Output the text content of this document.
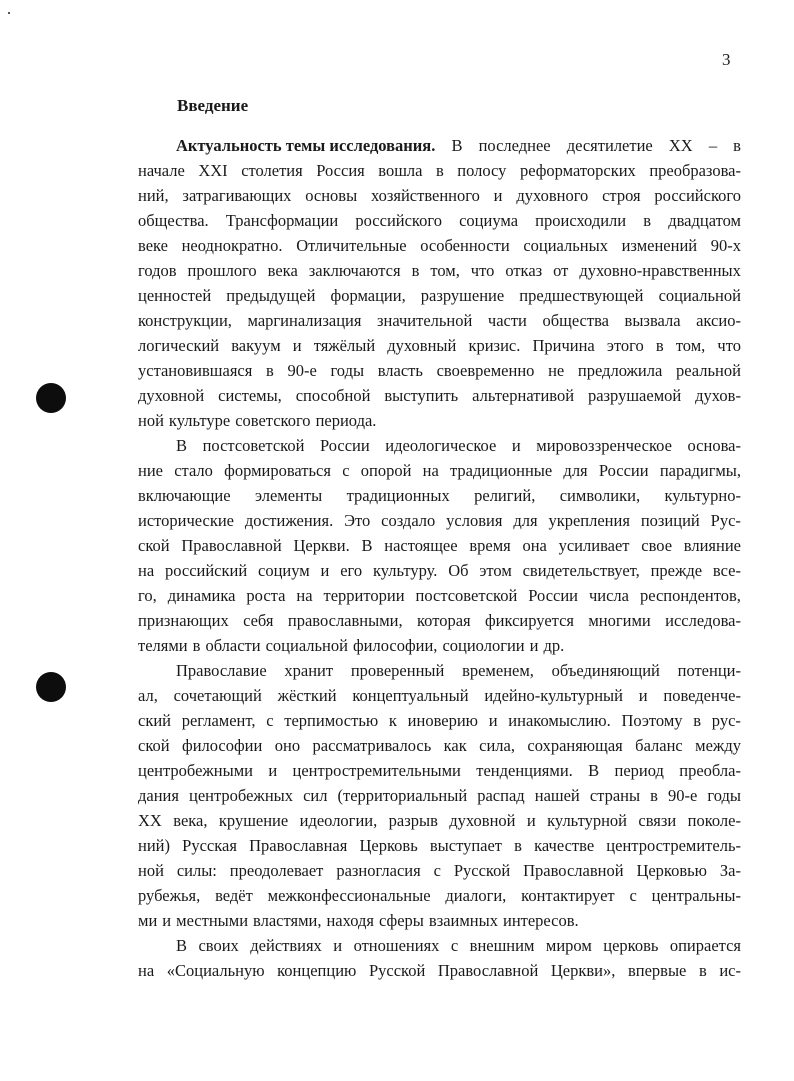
3
Введение
Актуальность темы исследования. В последнее десятилетие XX – в
начале XXI столетия Россия вошла в полосу реформаторских преобразова-
ний, затрагивающих основы хозяйственного и духовного строя российского
общества. Трансформации российского социума происходили в двадцатом
веке неоднократно. Отличительные особенности социальных изменений 90-х
годов прошлого века заключаются в том, что отказ от духовно-нравственных
ценностей предыдущей формации, разрушение предшествующей социальной
конструкции, маргинализация значительной части общества вызвала аксио-
логический вакуум и тяжёлый духовный кризис. Причина этого в том, что
установившаяся в 90-е годы власть своевременно не предложила реальной
духовной системы, способной выступить альтернативой разрушаемой духов-
ной культуре советского периода.
В постсоветской России идеологическое и мировоззренческое основа-
ние стало формироваться с опорой на традиционные для России парадигмы,
включающие элементы традиционных религий, символики, культурно-
исторические достижения. Это создало условия для укрепления позиций Рус-
ской Православной Церкви. В настоящее время она усиливает свое влияние
на российский социум и его культуру. Об этом свидетельствует, прежде все-
го, динамика роста на территории постсоветской России числа респондентов,
признающих себя православными, которая фиксируется многими исследова-
телями в области социальной философии, социологии и др.
Православие хранит проверенный временем, объединяющий потенци-
ал, сочетающий жёсткий концептуальный идейно-культурный и поведенче-
ский регламент, с терпимостью к иноверию и инакомыслию. Поэтому в рус-
ской философии оно рассматривалось как сила, сохраняющая баланс между
центробежными и центростремительными тенденциями. В период преобла-
дания центробежных сил (территориальный распад нашей страны в 90-е годы
XX века, крушение идеологии, разрыв духовной и культурной связи поколе-
ний) Русская Православная Церковь выступает в качестве центростремитель-
ной силы: преодолевает разногласия с Русской Православной Церковью За-
рубежья, ведёт межконфессиональные диалоги, контактирует с центральны-
ми и местными властями, находя сферы взаимных интересов.
В своих действиях и отношениях с внешним миром церковь опирается
на «Социальную концепцию Русской Православной Церкви», впервые в ис-
